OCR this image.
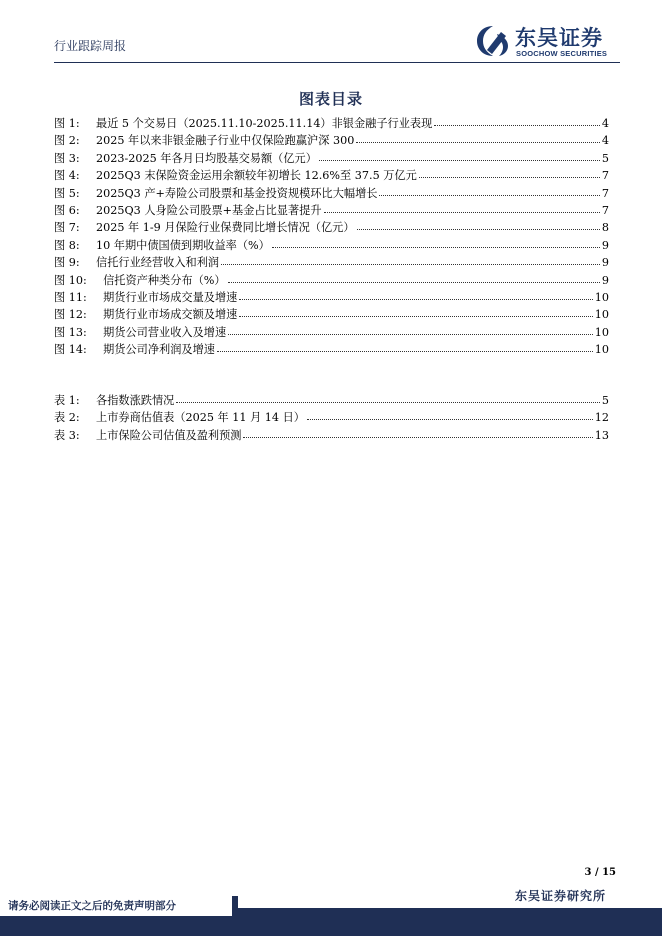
行业跟踪周报	东吴证券
SOOCHOW SECURITIES
图表目录
图 1:	最近 5 个交易日（2025.11.10-2025.11.14）非银金融子行业表现	4
图 2:	2025 年以来非银金融子行业中仅保险跑赢沪深 300	4
图 3:	2023-2025 年各月日均股基交易额（亿元）	5
图 4:	2025Q3 末保险资金运用余额较年初增长 12.6%至 37.5 万亿元	7
图 5:	2025Q3 产+寿险公司股票和基金投资规模环比大幅增长	7
图 6:	2025Q3 人身险公司股票+基金占比显著提升	7
图 7:	2025 年 1-9 月保险行业保费同比增长情况（亿元）	8
图 8:	10 年期中债国债到期收益率（%）	9
图 9:	信托行业经营收入和利润	9
图 10: 信托资产种类分布（%）	9
图 11: 期货行业市场成交量及增速	10
图 12: 期货行业市场成交额及增速	10
图 13: 期货公司营业收入及增速	10
图 14: 期货公司净利润及增速	10
表 1:	各指数涨跌情况	5
表 2:	上市券商估值表（2025 年 11 月 14 日）	12
表 3:	上市保险公司估值及盈利预测	13
3 / 15
东吴证券研究所
请务必阅读正文之后的免责声明部分
